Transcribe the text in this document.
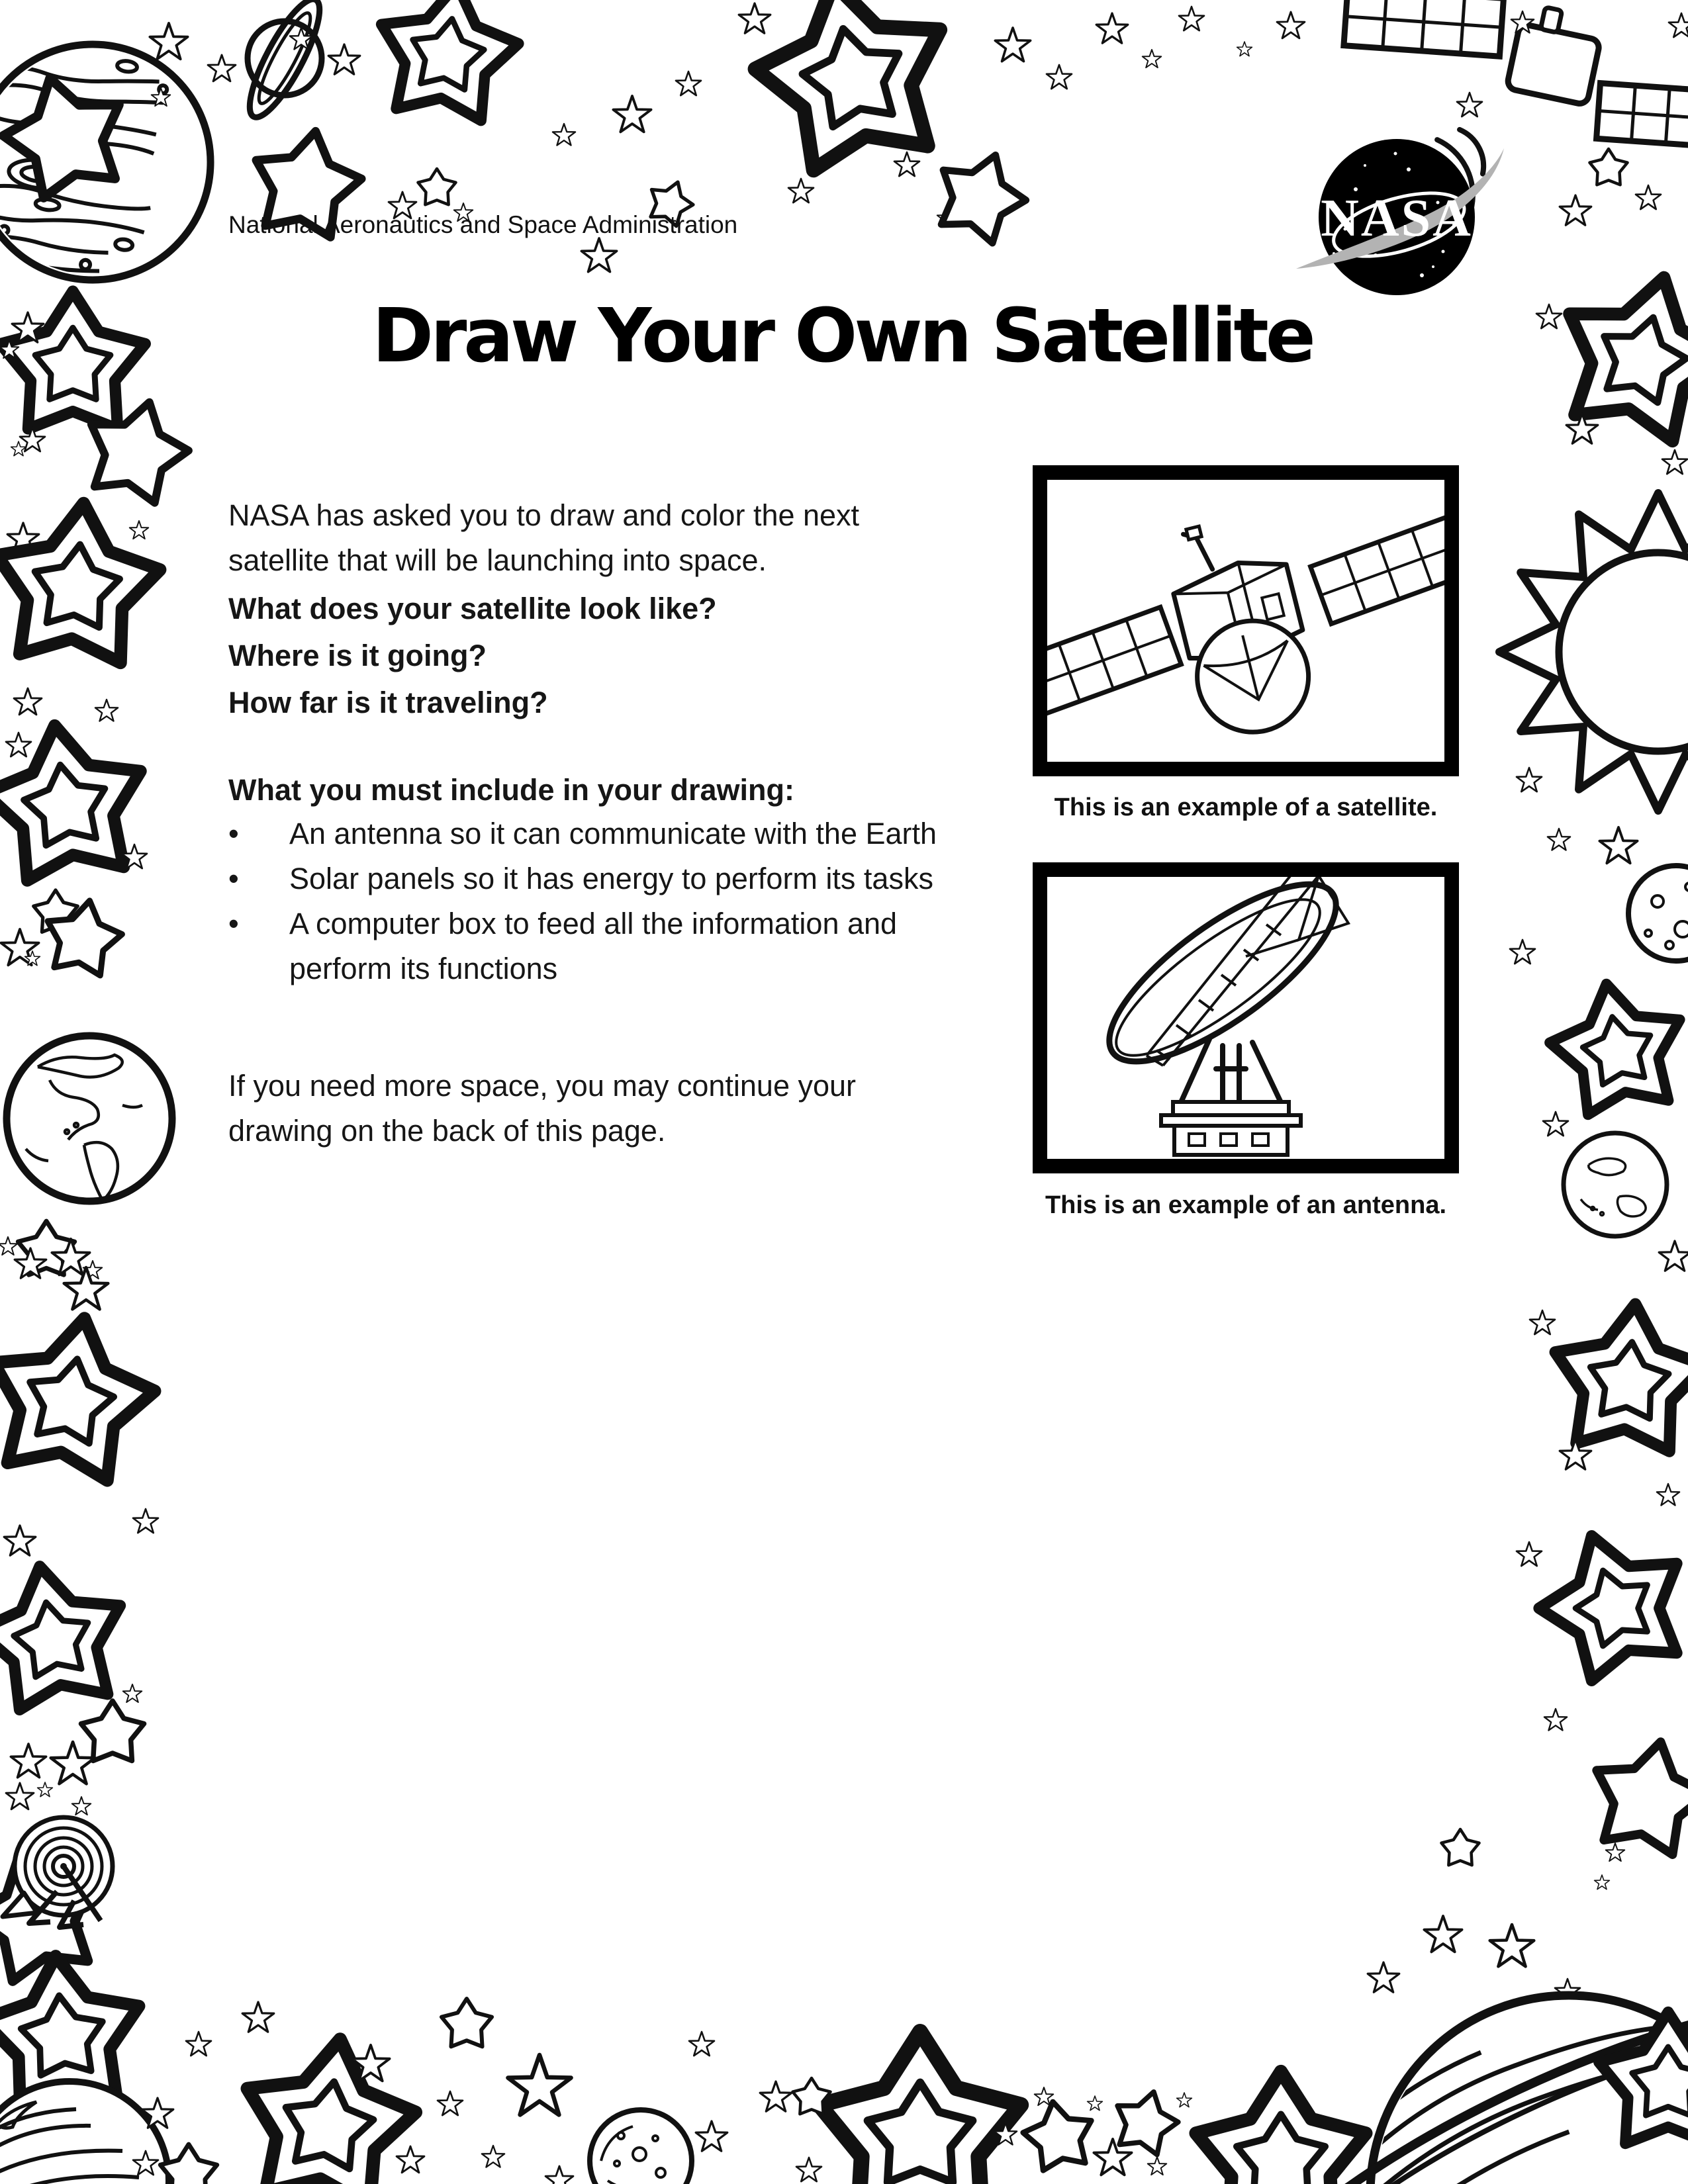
NASA
National Aeronautics and Space Administration
Draw Your Own Satellite

NASA has asked you to draw and color the next satellite that will be launching into space.

What does your satellite look like?
Where is it going?
How far is it traveling?
What you must include in your drawing:
•	An antenna so it can communicate with the Earth
•	Solar panels so it has energy to perform its tasks
•	A computer box to feed all the information and perform its functions

If you need more space, you may continue your drawing on the back of this page.

This is an example of a satellite.
This is an example of an antenna.
